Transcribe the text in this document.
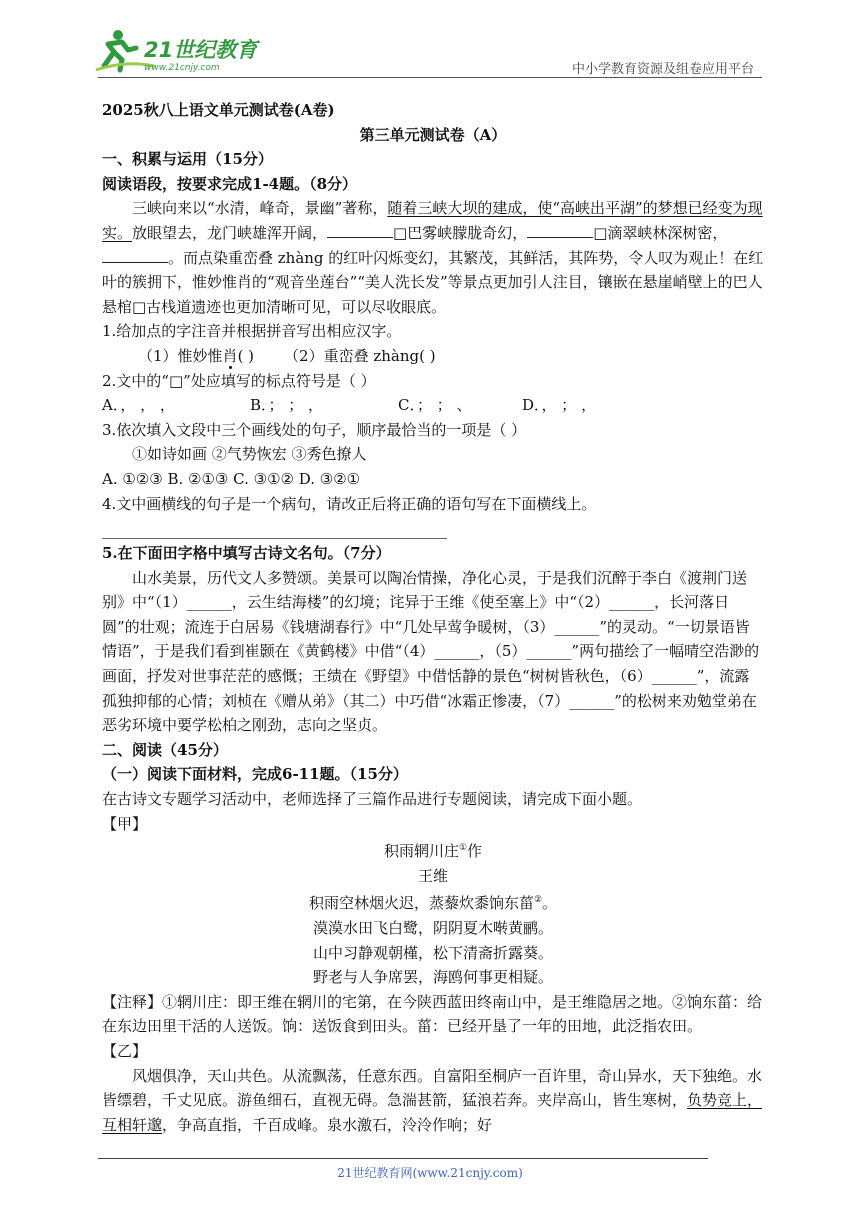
21世纪教育
www.21cnjy.com	中小学教育资源及组卷应用平台

2025秋八上语文单元测试卷(A卷)

第三单元测试卷（A）

一、积累与运用（15分）

阅读语段，按要求完成1-4题。（8分）

三峡向来以“水清，峰奇，景幽”著称，随着三峡大坝的建成，使“高峡出平湖”的梦想已经变为现实。放眼望去，龙门峡雄浑开阔，	□巴雾峡朦胧奇幻，	□滴翠峡林深树密，。而点染重峦叠 zhàng 的红叶闪烁变幻，其繁茂，其鲜活，其阵势，令人叹为观止！在红叶的簇拥下，惟妙惟肖的“观音坐莲台”“美人洗长发”等景点更加引人注目，镶嵌在悬崖峭壁上的巴人悬棺□古栈道遗迹也更加清晰可见，可以尽收眼底。

1.给加点的字注音并根据拼音写出相应汉字。

（1）惟妙惟肖( ) （2）重峦叠 zhàng( )

2.文中的“□”处应填写的标点符号是（ ）

A．， ， ，	B．； ； ，	C．； ； 、	D．， ； ，

3.依次填入文段中三个画线处的句子，顺序最恰当的一项是（ ）

①如诗如画 ②气势恢宏 ③秀色撩人

A. ①②③ B. ②①③ C. ③①② D. ③②①

4.文中画横线的句子是一个病句，请改正后将正确的语句写在下面横线上。

5.在下面田字格中填写古诗文名句。（7分）

山水美景，历代文人多赞颂。美景可以陶冶情操，净化心灵，于是我们沉醉于李白《渡荆门送别》中“（1）______，云生结海楼”的幻境；诧异于王维《使至塞上》中“（2）______，长河落日圆”的壮观；流连于白居易《钱塘湖春行》中“几处早莺争暖树，（3）______”的灵动。“一切景语皆情语”，于是我们看到崔颢在《黄鹤楼》中借“（4）______，（5）______”两句描绘了一幅晴空浩渺的画面，抒发对世事茫茫的感慨；王绩在《野望》中借恬静的景色“树树皆秋色，（6）______”，流露孤独抑郁的心情；刘桢在《赠从弟》（其二）中巧借“冰霜正惨凄，（7）______”的松树来劝勉堂弟在恶劣环境中要学松柏之刚劲，志向之坚贞。

二、阅读（45分）

（一）阅读下面材料，完成6-11题。（15分）

在古诗文专题学习活动中，老师选择了三篇作品进行专题阅读，请完成下面小题。

【甲】

积雨辋川庄①作

王维

积雨空林烟火迟，蒸藜炊黍饷东菑②。

漠漠水田飞白鹭，阴阴夏木啭黄鹂。

山中习静观朝槿，松下清斋折露葵。

野老与人争席罢，海鸥何事更相疑。

【注释】①辋川庄：即王维在辋川的宅第，在今陕西蓝田终南山中，是王维隐居之地。②饷东菑：给在东边田里干活的人送饭。饷：送饭食到田头。菑：已经开垦了一年的田地，此泛指农田。

【乙】

风烟俱净，天山共色。从流飘荡，任意东西。自富阳至桐庐一百许里，奇山异水，天下独绝。水皆缥碧，千丈见底。游鱼细石，直视无碍。急湍甚箭，猛浪若奔。夹岸高山，皆生寒树，负势竞上，互相轩邈，争高直指，千百成峰。泉水激石，泠泠作响；好

21世纪教育网(www.21cnjy.com)
